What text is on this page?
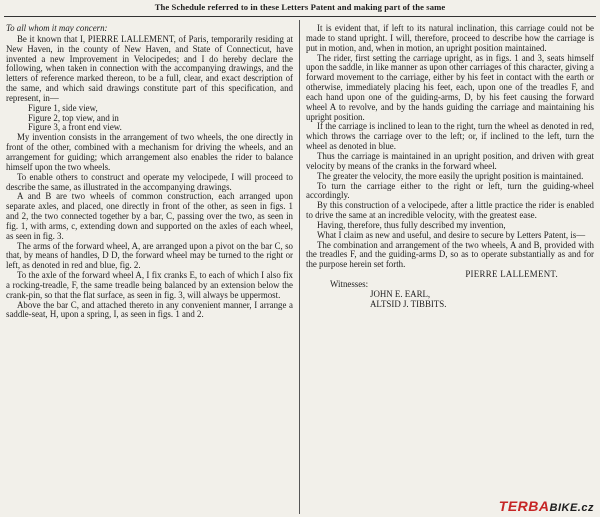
The Schedule referred to in these Letters Patent and making part of the same

To all whom it may concern:

Be it known that I, PIERRE LALLEMENT, of Paris, temporarily residing at New Haven, in the county of New Haven, and State of Connecticut, have invented a new Improvement in Velocipedes; and I do hereby declare the following, when taken in connection with the accompanying drawings, and the letters of reference marked thereon, to be a full, clear, and exact description of the same, and which said drawings constitute part of this specification, and represent, in—

Figure 1, side view,

Figure 2, top view, and in

Figure 3, a front end view.

My invention consists in the arrangement of two wheels, the one directly in front of the other, combined with a mechanism for driving the wheels, and an arrangement for guiding; which arrangement also enables the rider to balance himself upon the two wheels.

To enable others to construct and operate my velocipede, I will proceed to describe the same, as illustrated in the accompanying drawings.

A and B are two wheels of common construction, each arranged upon separate axles, and placed, one directly in front of the other, as seen in figs. 1 and 2, the two connected together by a bar, C, passing over the two, as seen in fig. 1, with arms, c, extending down and supported on the axles of each wheel, as seen in fig. 3.

The arms of the forward wheel, A, are arranged upon a pivot on the bar C, so that, by means of handles, D D, the forward wheel may be turned to the right or left, as denoted in red and blue, fig. 2.

To the axle of the forward wheel A, I fix cranks E, to each of which I also fix a rocking-treadle, F, the same treadle being balanced by an extension below the crank-pin, so that the flat surface, as seen in fig. 3, will always be uppermost.

Above the bar C, and attached thereto in any convenient manner, I arrange a saddle-seat, H, upon a spring, I, as seen in figs. 1 and 2.

It is evident that, if left to its natural inclination, this carriage could not be made to stand upright. I will, therefore, proceed to describe how the carriage is put in motion, and, when in motion, an upright position maintained.

The rider, first setting the carriage upright, as in figs. 1 and 3, seats himself upon the saddle, in like manner as upon other carriages of this character, giving a forward movement to the carriage, either by his feet in contact with the earth or otherwise, immediately placing his feet, each, upon one of the treadles F, and each hand upon one of the guiding-arms, D, by his feet causing the forward wheel A to revolve, and by the hands guiding the carriage and maintaining his upright position.

If the carriage is inclined to lean to the right, turn the wheel as denoted in red, which throws the carriage over to the left; or, if inclined to the left, turn the wheel as denoted in blue.

Thus the carriage is maintained in an upright position, and driven with great velocity by means of the cranks in the forward wheel.

The greater the velocity, the more easily the upright position is maintained.

To turn the carriage either to the right or left, turn the guiding-wheel accordingly.

By this construction of a velocipede, after a little practice the rider is enabled to drive the same at an incredible velocity, with the greatest ease.

Having, therefore, thus fully described my invention,

What I claim as new and useful, and desire to secure by Letters Patent, is—

The combination and arrangement of the two wheels, A and B, provided with the treadles F, and the guiding-arms D, so as to operate substantially as and for the purpose herein set forth.

PIERRE LALLEMENT.

Witnesses:

JOHN E. EARL,

ALTSID J. TIBBITS.

TERBABIKE.cz
